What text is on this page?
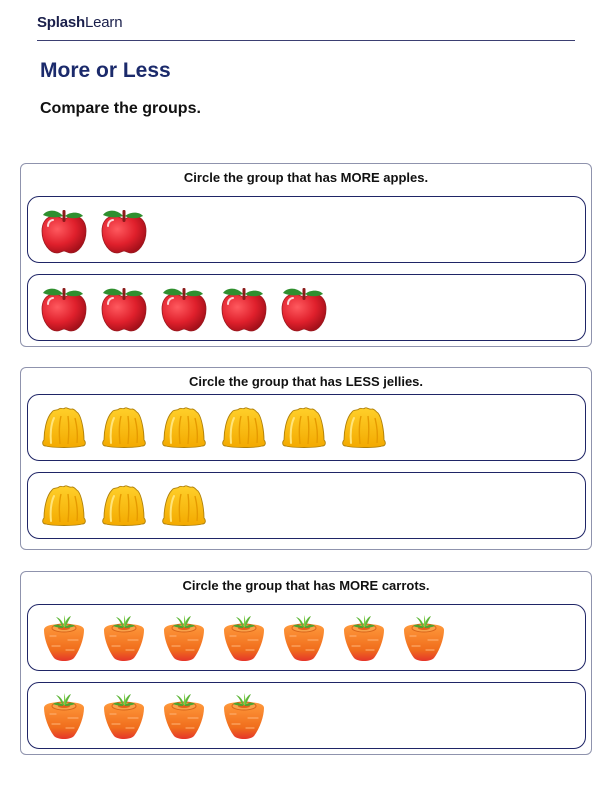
SplashLearn
More or Less
Compare the groups.
Circle the group that has MORE apples.
Circle the group that has LESS jellies.
Circle the group that has MORE carrots.
